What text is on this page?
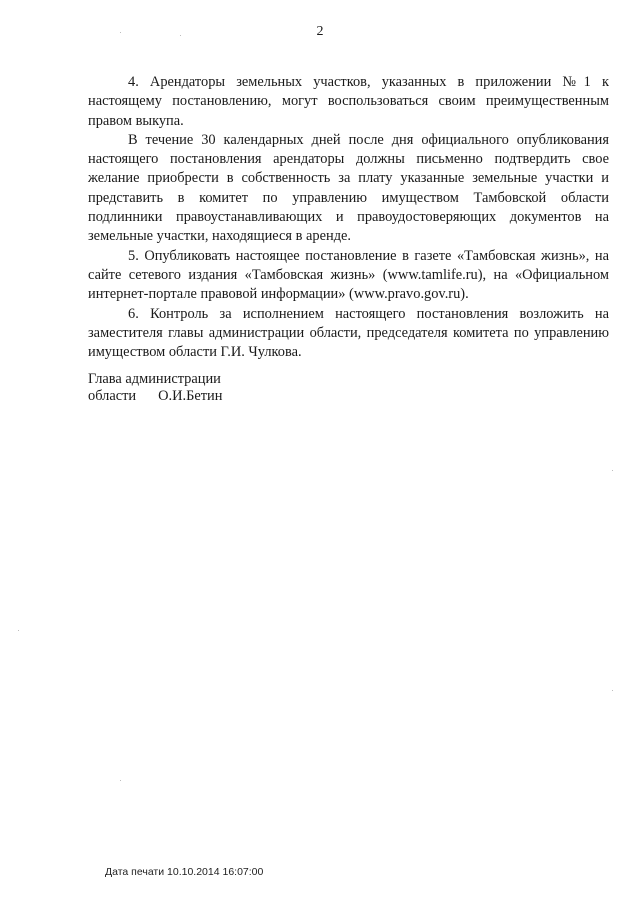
2

4. Арендаторы земельных участков, указанных в приложении №1 к настоящему постановлению, могут воспользоваться своим преимущественным правом выкупа.

В течение 30 календарных дней после дня официального опубликования настоящего постановления арендаторы должны письменно подтвердить свое желание приобрести в собственность за плату указанные земельные участки и представить в комитет по управлению имуществом Тамбовской области подлинники правоустанавливающих и правоудостоверяющих документов на земельные участки, находящиеся в аренде.

5. Опубликовать настоящее постановление в газете «Тамбовская жизнь», на сайте сетевого издания «Тамбовская жизнь» (www.tamlife.ru), на «Официальном интернет-портале правовой информации» (www.pravo.gov.ru).

6. Контроль за исполнением настоящего постановления возложить на заместителя главы администрации области, председателя комитета по управлению имуществом области Г.И. Чулкова.

Глава администрации

области О.И.Бетин

Дата печати 10.10.2014 16:07:00
